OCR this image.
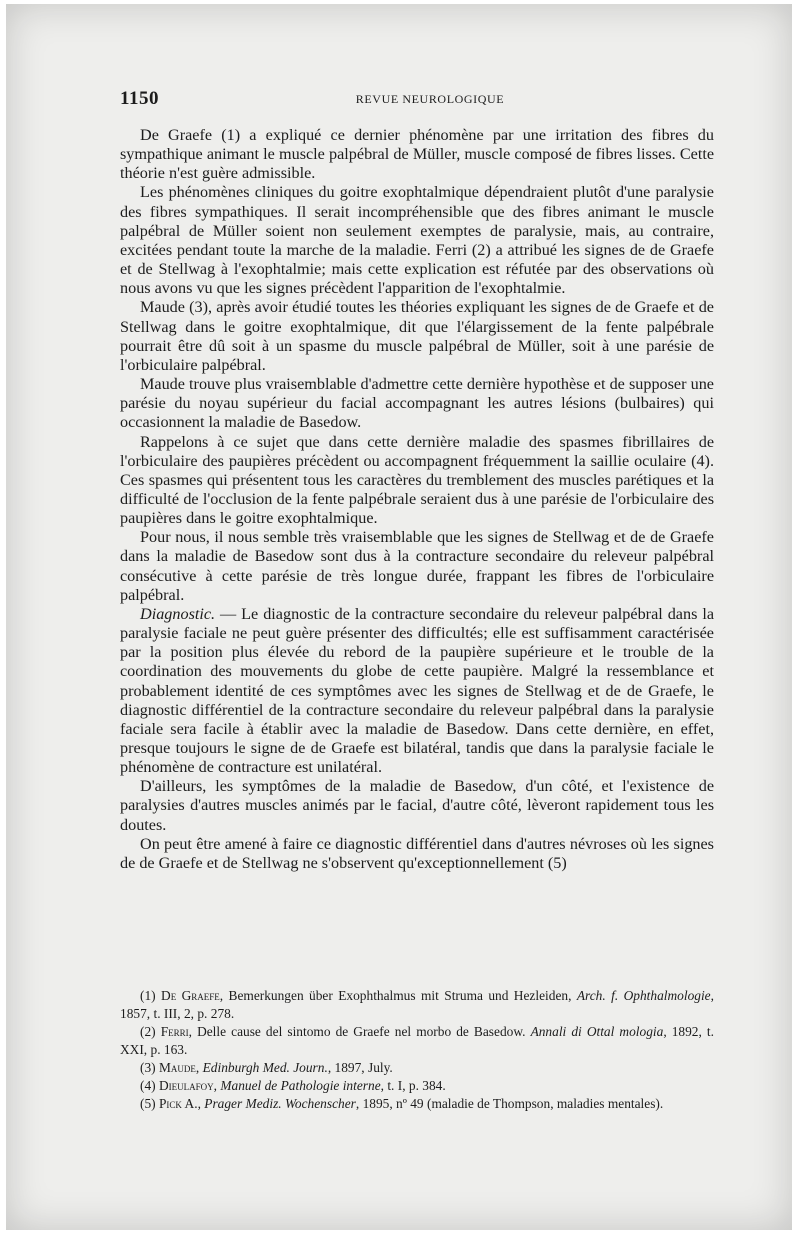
1150	REVUE NEUROLOGIQUE

De Graefe (1) a expliqué ce dernier phénomène par une irritation des fibres du sympathique animant le muscle palpébral de Müller, muscle composé de fibres lisses. Cette théorie n'est guère admissible.

Les phénomènes cliniques du goitre exophtalmique dépendraient plutôt d'une paralysie des fibres sympathiques. Il serait incompréhensible que des fibres animant le muscle palpébral de Müller soient non seulement exemptes de paralysie, mais, au contraire, excitées pendant toute la marche de la maladie. Ferri (2) a attribué les signes de de Graefe et de Stellwag à l'exophtalmie; mais cette explication est réfutée par des observations où nous avons vu que les signes précèdent l'apparition de l'exophtalmie.

Maude (3), après avoir étudié toutes les théories expliquant les signes de de Graefe et de Stellwag dans le goitre exophtalmique, dit que l'élargissement de la fente palpébrale pourrait être dû soit à un spasme du muscle palpébral de Müller, soit à une parésie de l'orbiculaire palpébral.

Maude trouve plus vraisemblable d'admettre cette dernière hypothèse et de supposer une parésie du noyau supérieur du facial accompagnant les autres lésions (bulbaires) qui occasionnent la maladie de Basedow.

Rappelons à ce sujet que dans cette dernière maladie des spasmes fibrillaires de l'orbiculaire des paupières précèdent ou accompagnent fréquemment la saillie oculaire (4). Ces spasmes qui présentent tous les caractères du tremblement des muscles parétiques et la difficulté de l'occlusion de la fente palpébrale seraient dus à une parésie de l'orbiculaire des paupières dans le goitre exophtalmique.

Pour nous, il nous semble très vraisemblable que les signes de Stellwag et de de Graefe dans la maladie de Basedow sont dus à la contracture secondaire du releveur palpébral consécutive à cette parésie de très longue durée, frappant les fibres de l'orbiculaire palpébral.

Diagnostic. — Le diagnostic de la contracture secondaire du releveur palpébral dans la paralysie faciale ne peut guère présenter des difficultés; elle est suffisamment caractérisée par la position plus élevée du rebord de la paupière supérieure et le trouble de la coordination des mouvements du globe de cette paupière. Malgré la ressemblance et probablement identité de ces symptômes avec les signes de Stellwag et de de Graefe, le diagnostic différentiel de la contracture secondaire du releveur palpébral dans la paralysie faciale sera facile à établir avec la maladie de Basedow. Dans cette dernière, en effet, presque toujours le signe de de Graefe est bilatéral, tandis que dans la paralysie faciale le phénomène de contracture est unilatéral.

D'ailleurs, les symptômes de la maladie de Basedow, d'un côté, et l'existence de paralysies d'autres muscles animés par le facial, d'autre côté, lèveront rapidement tous les doutes.

On peut être amené à faire ce diagnostic différentiel dans d'autres névroses où les signes de de Graefe et de Stellwag ne s'observent qu'exceptionnellement (5)

(1) De Graefe, Bemerkungen über Exophthalmus mit Struma und Hezleiden, Arch. f. Ophthalmologie, 1857, t. III, 2, p. 278.

(2) Ferri, Delle cause del sintomo de Graefe nel morbo de Basedow. Annali di Ottal mologia, 1892, t. XXI, p. 163.

(3) Maude, Edinburgh Med. Journ., 1897, July.

(4) Dieulafoy, Manuel de Pathologie interne, t. I, p. 384.

(5) Pick A., Prager Mediz. Wochenscher, 1895, nº 49 (maladie de Thompson, maladies mentales).
